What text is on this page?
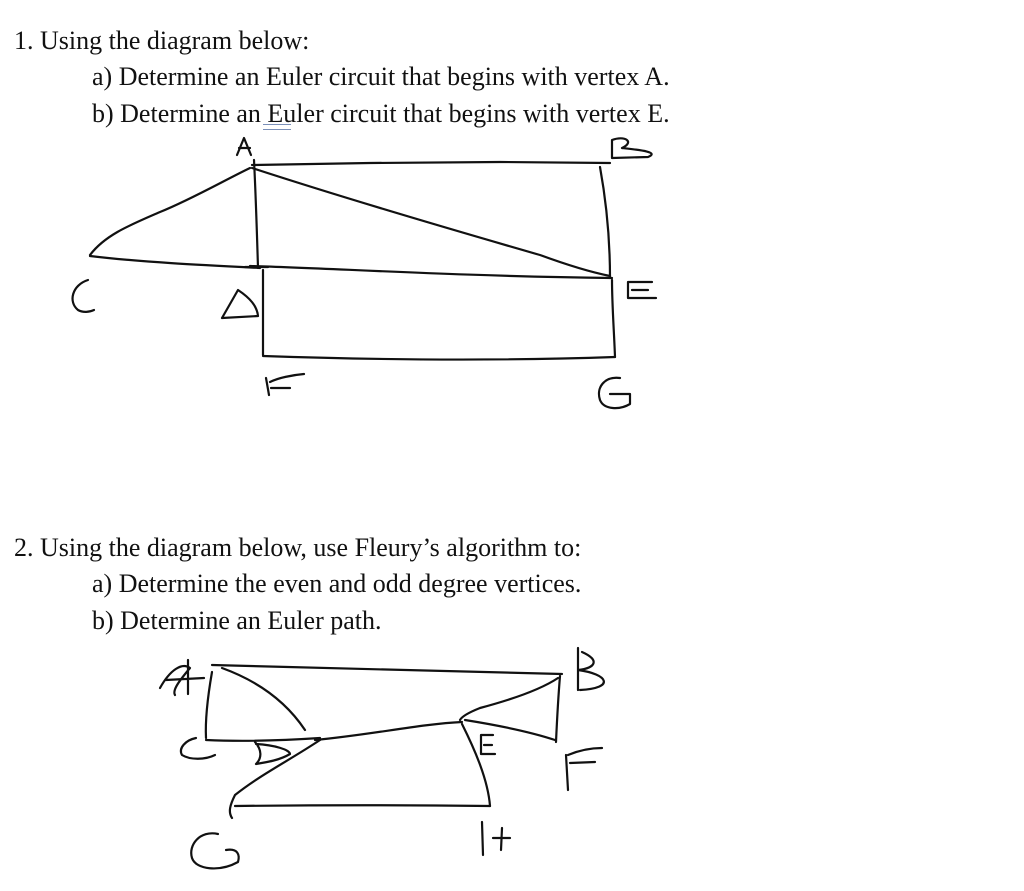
1. Using the diagram below:
a) Determine an Euler circuit that begins with vertex A.
b) Determine an Euler circuit that begins with vertex E.
2. Using the diagram below, use Fleury’s algorithm to:
a) Determine the even and odd degree vertices.
b) Determine an Euler path.
